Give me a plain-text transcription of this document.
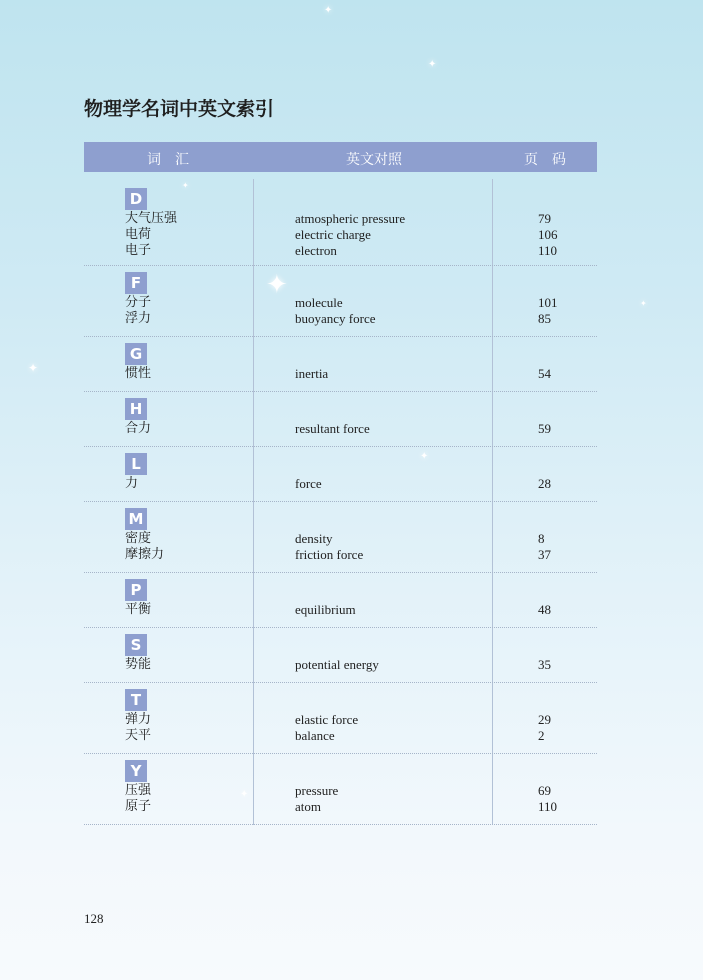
✦
✦
✦
✦
✦
✦
✦
✦
物理学名词中英文索引
词　汇	英文对照	页　码
D
大气压强	atmospheric pressure	79
电荷	electric charge	106
电子	electron	110
F
分子	molecule	101
浮力	buoyancy force	85
G
惯性	inertia	54
H
合力	resultant force	59
L
力	force	28
M
密度	density	8
摩擦力	friction force	37
P
平衡	equilibrium	48
S
势能	potential energy	35
T
弹力	elastic force	29
天平	balance	2
Y
压强	pressure	69
原子	atom	110
128
